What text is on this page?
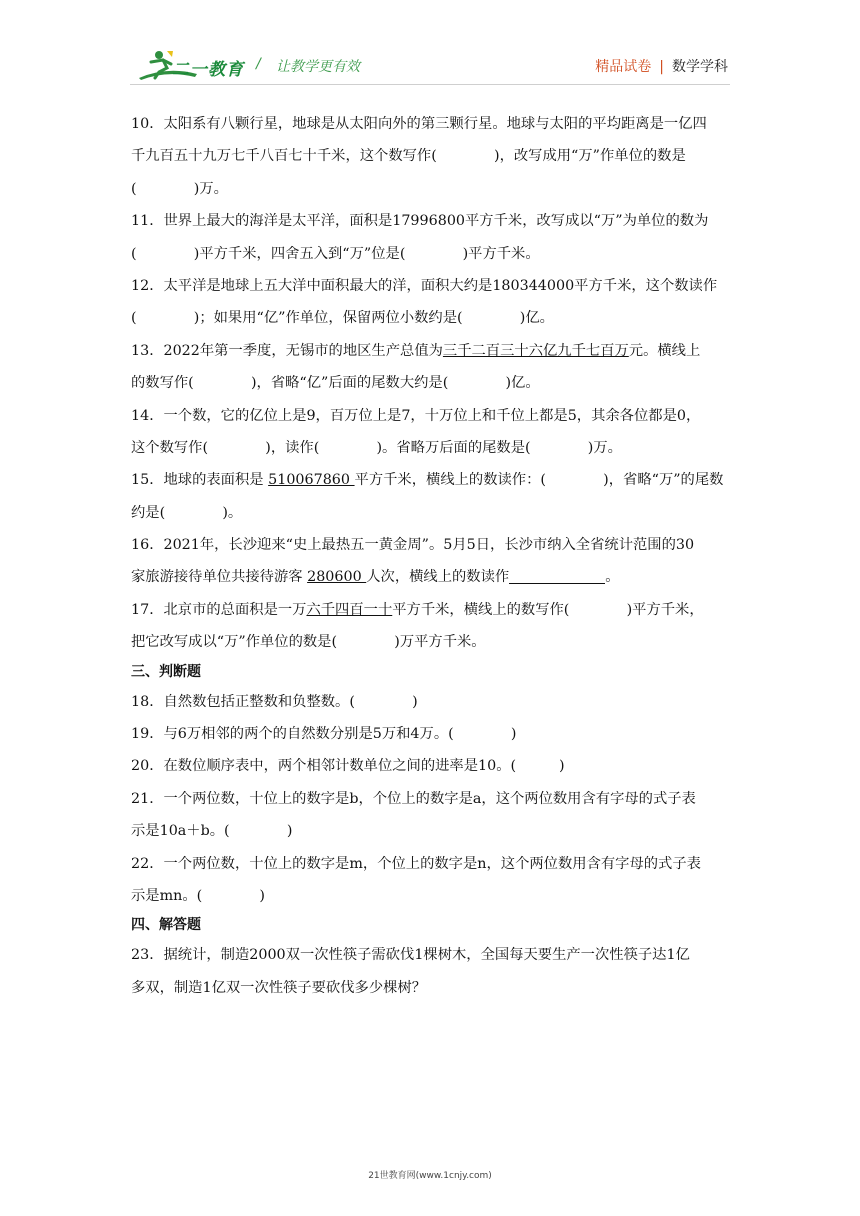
二一教育 / 让教学更有效	精品试卷 | 数学学科
10．太阳系有八颗行星，地球是从太阳向外的第三颗行星。地球与太阳的平均距离是一亿四
千九百五十九万七千八百七十千米，这个数写作(　　　　)，改写成用“万”作单位的数是
(　　　　)万。
11．世界上最大的海洋是太平洋，面积是17996800平方千米，改写成以“万”为单位的数为
(　　　　)平方千米，四舍五入到“万”位是(　　　　)平方千米。
12．太平洋是地球上五大洋中面积最大的洋，面积大约是180344000平方千米，这个数读作
(　　　　)；如果用“亿”作单位，保留两位小数约是(　　　　)亿。
13．2022年第一季度，无锡市的地区生产总值为三千二百三十六亿九千七百万元。横线上
的数写作(　　　　)，省略“亿”后面的尾数大约是(　　　　)亿。
14．一个数，它的亿位上是9，百万位上是7，十万位上和千位上都是5，其余各位都是0，
这个数写作(　　　　)，读作(　　　　)。省略万后面的尾数是(　　　　)万。
15．地球的表面积是 510067860 平方千米，横线上的数读作：(　　　　)，省略“万”的尾数
约是(　　　　)。
16．2021年，长沙迎来“史上最热五一黄金周”。5月5日，长沙市纳入全省统计范围的30
家旅游接待单位共接待游客 280600 人次，横线上的数读作	。
17．北京市的总面积是一万六千四百一十平方千米，横线上的数写作(　　　　)平方千米，
把它改写成以“万”作单位的数是(　　　　)万平方千米。
三、判断题
18．自然数包括正整数和负整数。(　　　　)
19．与6万相邻的两个的自然数分别是5万和4万。(　　　　)
20．在数位顺序表中，两个相邻计数单位之间的进率是10。(　　　)
21．一个两位数，十位上的数字是b，个位上的数字是a，这个两位数用含有字母的式子表
示是10a＋b。(　　　　)
22．一个两位数，十位上的数字是m，个位上的数字是n，这个两位数用含有字母的式子表
示是mn。(　　　　)
四、解答题
23．据统计，制造2000双一次性筷子需砍伐1棵树木，全国每天要生产一次性筷子达1亿
多双，制造1亿双一次性筷子要砍伐多少棵树？
21世教育网(www.1cnjy.com)
